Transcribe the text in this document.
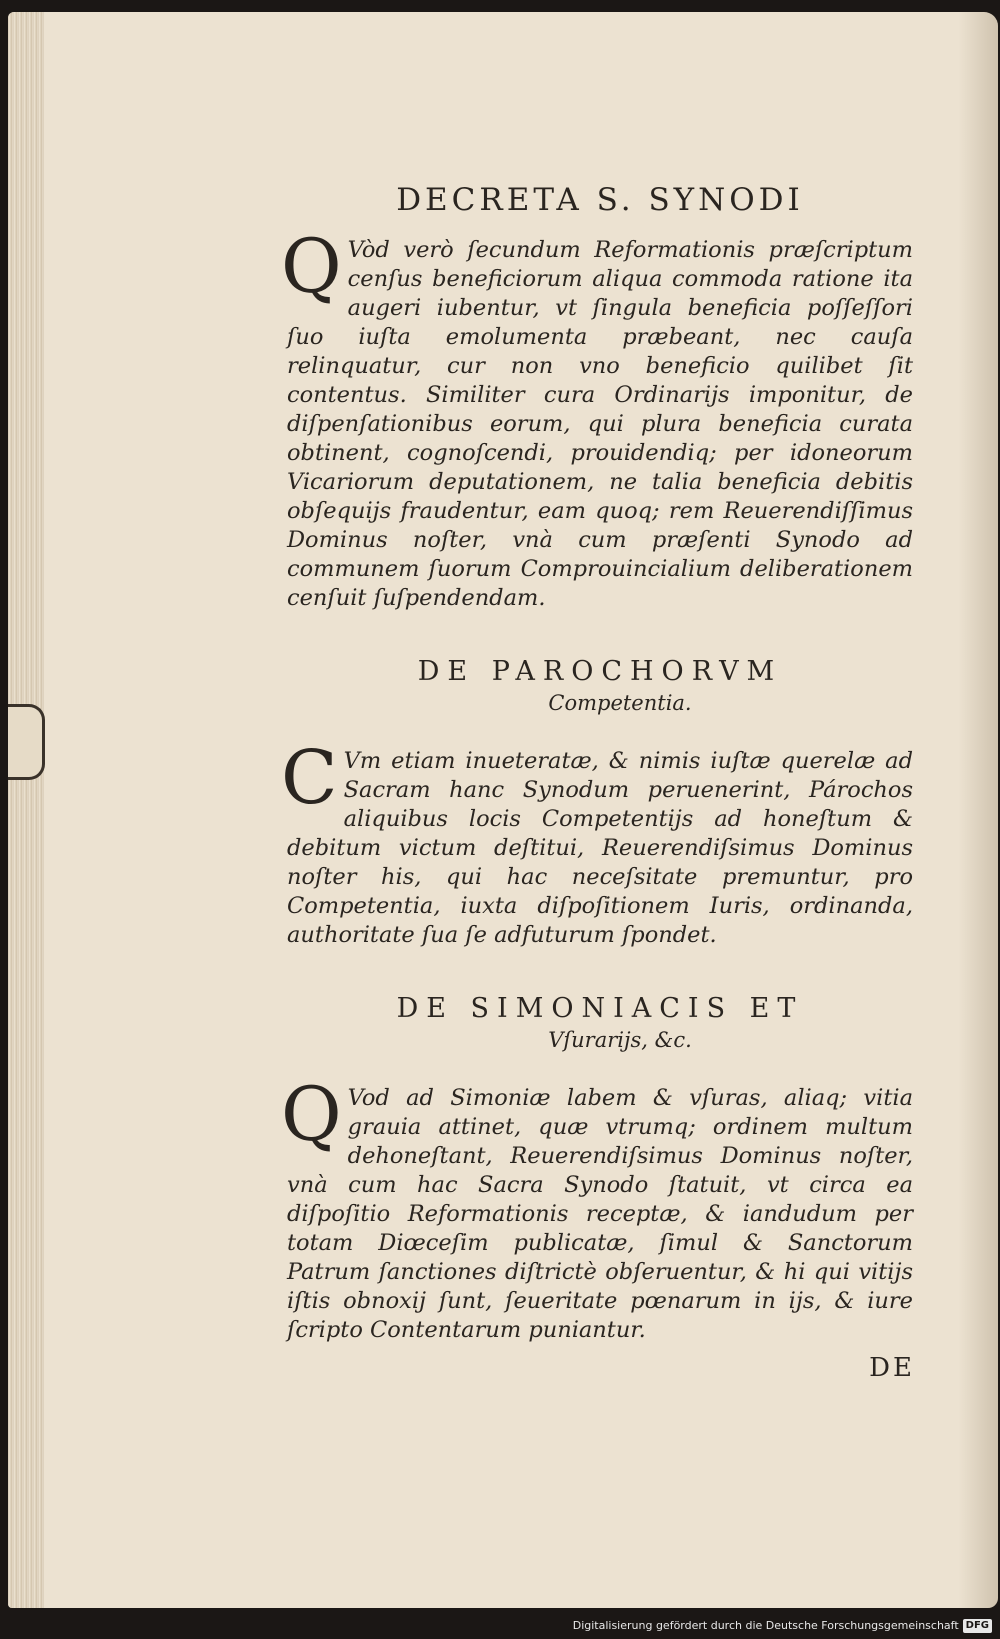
DECRETA S. SYNODI

Q Vòd verò ſecundum Reformationis præſcriptum cenſus beneficiorum aliqua commoda ratione ita augeri iubentur, vt ſingula beneficia poſſeſſori ſuo iuſta emolumenta præbeant, nec cauſa relinquatur, cur non vno beneficio quilibet ſit contentus. Similiter cura Ordinarijs imponitur, de diſpenſationibus eorum, qui plura beneficia curata obtinent, cognoſcendi, prouidendiq; per idoneorum Vicariorum deputationem, ne talia beneficia debitis obſequijs fraudentur, eam quoq; rem Reuerendiſſimus Dominus noſter, vnà cum præſenti Synodo ad communem ſuorum Comprouincialium deliberationem cenſuit ſuſpendendam.

DE PAROCHORVM
Competentia.

C Vm etiam inueteratæ, & nimis iuſtæ querelæ ad Sacram hanc Synodum peruenerint, Párochos aliquibus locis Competentijs ad honeſtum & debitum victum deſtitui, Reuerendiſsimus Dominus noſter his, qui hac neceſsitate premuntur, pro Competentia, iuxta diſpoſitionem Iuris, ordinanda, authoritate ſua ſe adfuturum ſpondet.

DE SIMONIACIS ET
Vſurarijs, &c.

Q Vod ad Simoniæ labem & vſuras, aliaq; vitia grauia attinet, quæ vtrumq; ordinem multum dehoneſtant, Reuerendiſsimus Dominus noſter, vnà cum hac Sacra Synodo ſtatuit, vt circa ea diſpoſitio Reformationis receptæ, & iandudum per totam Diœceſim publicatæ, ſimul & Sanctorum Patrum ſanctiones diſtrictè obſeruentur, & hi qui vitijs iſtis obnoxij ſunt, ſeueritate pœnarum in ijs, & iure ſcripto Contentarum puniantur.

DE
Digitalisierung gefördert durch die Deutsche Forschungsgemeinschaft DFG
